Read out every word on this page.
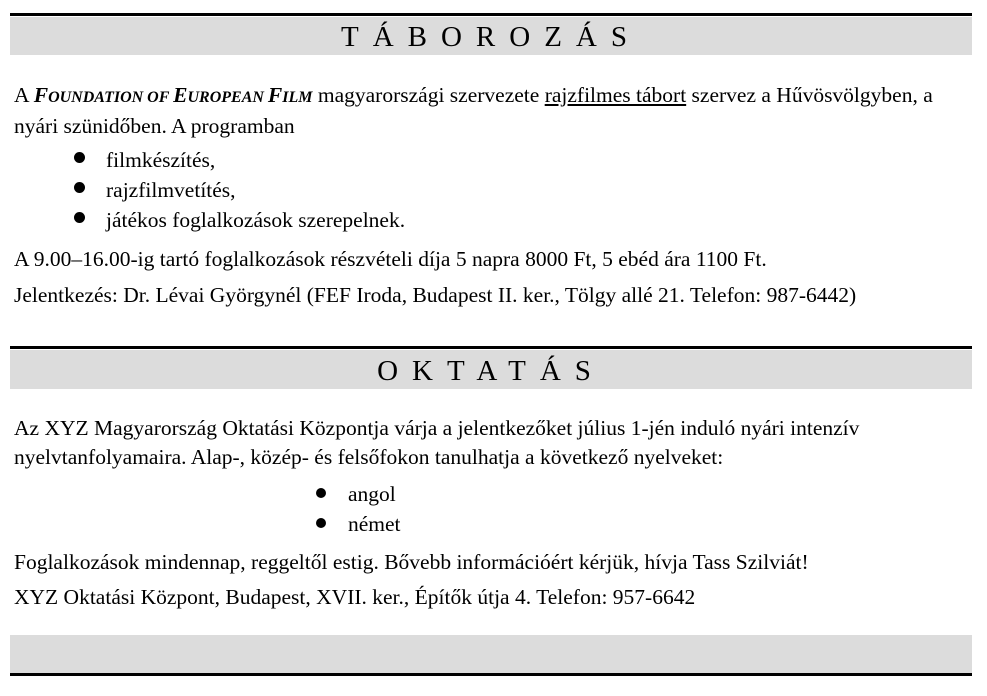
TÁBOROZÁS
A FOUNDATION OF EUROPEAN FILM magyarországi szervezete rajzfilmes tábort szervez a Hűvösvölgyben, a nyári szünidőben. A programban
filmkészítés,
rajzfilmvetítés,
játékos foglalkozások szerepelnek.
A 9.00–16.00-ig tartó foglalkozások részvételi díja 5 napra 8000 Ft, 5 ebéd ára 1100 Ft.
Jelentkezés: Dr. Lévai Györgynél (FEF Iroda, Budapest II. ker., Tölgy allé 21. Telefon: 987-6442)
OKTATÁS
Az XYZ Magyarország Oktatási Központja várja a jelentkezőket július 1-jén induló nyári intenzív nyelvtanfolyamaira. Alap-, közép- és felsőfokon tanulhatja a következő nyelveket:
angol
német
Foglalkozások mindennap, reggeltől estig. Bővebb információért kérjük, hívja Tass Szilviát!
XYZ Oktatási Központ, Budapest, XVII. ker., Építők útja 4. Telefon: 957-6642
